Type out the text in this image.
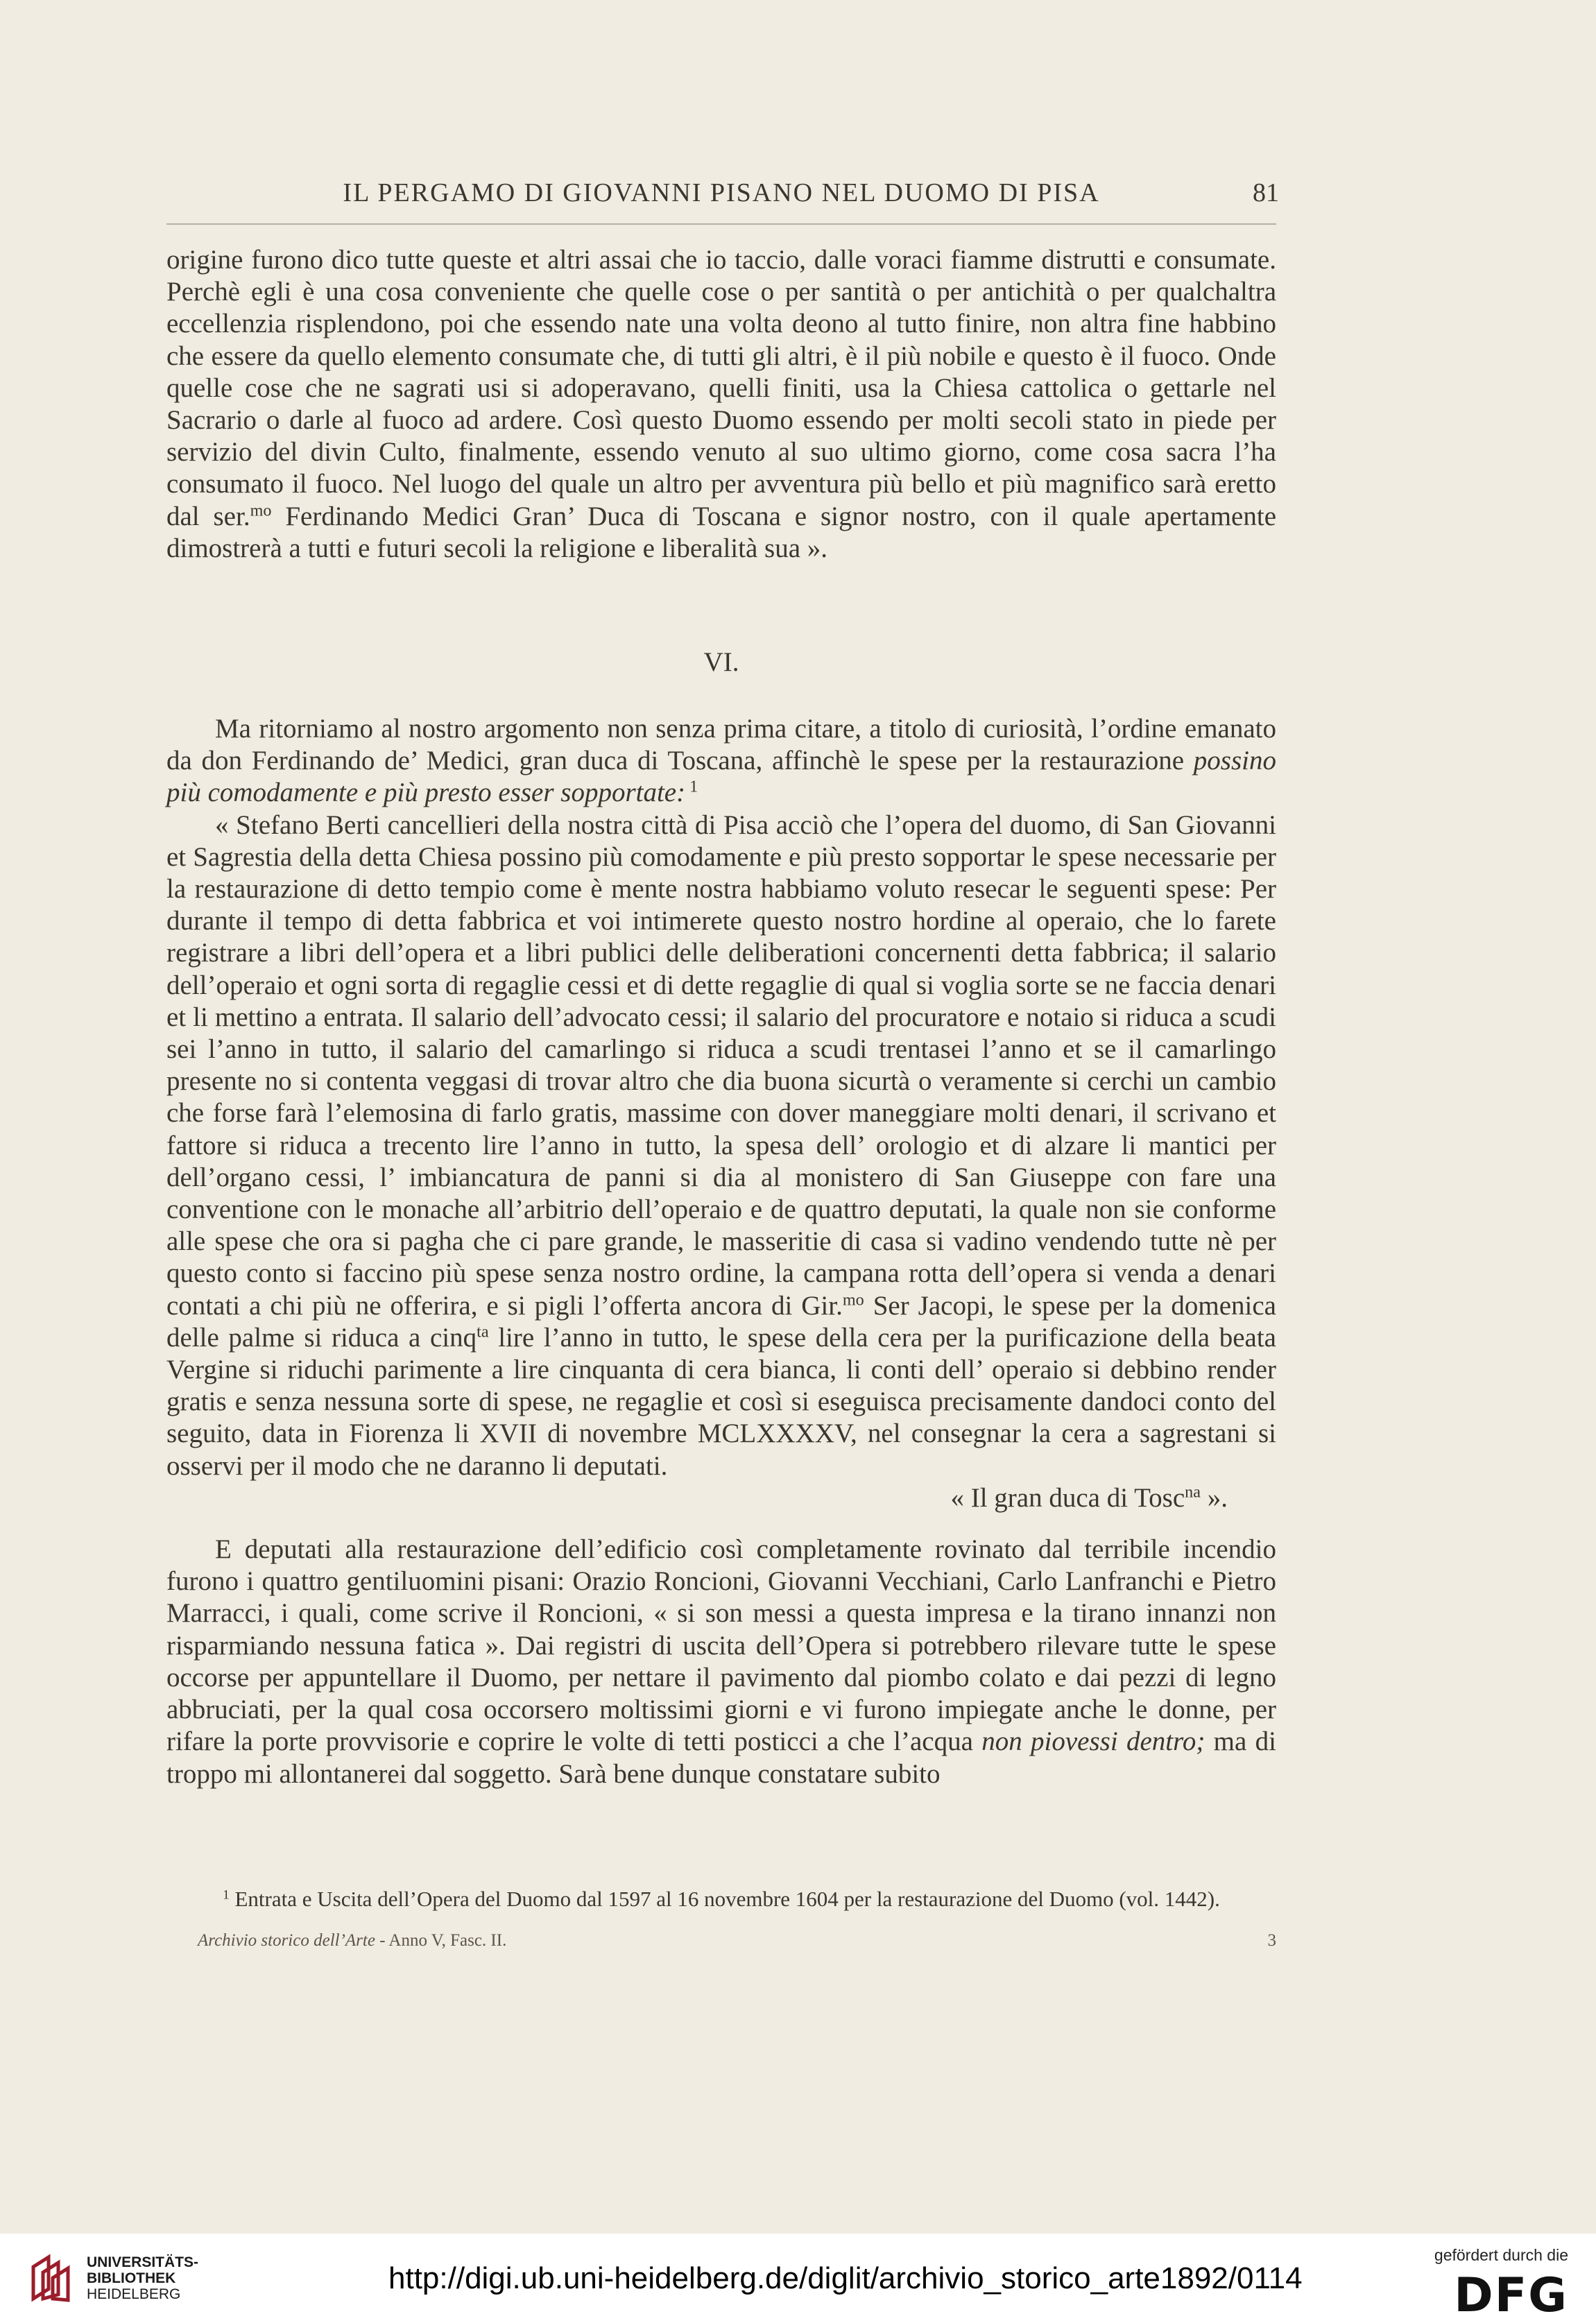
IL PERGAMO DI GIOVANNI PISANO NEL DUOMO DI PISA	81

origine furono dico tutte queste et altri assai che io taccio, dalle voraci fiamme distrutti e consumate. Perchè egli è una cosa conveniente che quelle cose o per santità o per antichità o per qualchaltra eccellenzia risplendono, poi che essendo nate una volta deono al tutto finire, non altra fine habbino che essere da quello elemento consumate che, di tutti gli altri, è il più nobile e questo è il fuoco. Onde quelle cose che ne sagrati usi si adoperavano, quelli finiti, usa la Chiesa cattolica o gettarle nel Sacrario o darle al fuoco ad ardere. Così questo Duomo essendo per molti secoli stato in piede per servizio del divin Culto, finalmente, essendo venuto al suo ultimo giorno, come cosa sacra l’ha consumato il fuoco. Nel luogo del quale un altro per avventura più bello et più magnifico sarà eretto dal ser.$^{mo}$ Ferdinando Medici Gran’ Duca di Toscana e signor nostro, con il quale apertamente dimostrerà a tutti e futuri secoli la religione e liberalità sua ».

VI.

Ma ritorniamo al nostro argomento non senza prima citare, a titolo di curiosità, l’ordine emanato da don Ferdinando de’ Medici, gran duca di Toscana, affinchè le spese per la restaurazione possino più comodamente e più presto esser sopportate: $^1$

« Stefano Berti cancellieri della nostra città di Pisa acciò che l’opera del duomo, di San Giovanni et Sagrestia della detta Chiesa possino più comodamente e più presto sopportar le spese necessarie per la restaurazione di detto tempio come è mente nostra habbiamo voluto resecar le seguenti spese: Per durante il tempo di detta fabbrica et voi intimerete questo nostro hordine al operaio, che lo farete registrare a libri dell’opera et a libri publici delle deliberationi concernenti detta fabbrica; il salario dell’operaio et ogni sorta di regaglie cessi et di dette regaglie di qual si voglia sorte se ne faccia denari et li mettino a entrata. Il salario dell’advocato cessi; il salario del procuratore e notaio si riduca a scudi sei l’anno in tutto, il salario del camarlingo si riduca a scudi trentasei l’anno et se il camarlingo presente no si contenta veggasi di trovar altro che dia buona sicurtà o veramente si cerchi un cambio che forse farà l’elemosina di farlo gratis, massime con dover maneggiare molti denari, il scrivano et fattore si riduca a trecento lire l’anno in tutto, la spesa dell’ orologio et di alzare li mantici per dell’organo cessi, l’ imbiancatura de panni si dia al monistero di San Giuseppe con fare una conventione con le monache all’arbitrio dell’operaio e de quattro deputati, la quale non sie conforme alle spese che ora si pagha che ci pare grande, le masseritie di casa si vadino vendendo tutte nè per questo conto si faccino più spese senza nostro ordine, la campana rotta dell’opera si venda a denari contati a chi più ne offerira, e si pigli l’offerta ancora di Gir.$^{mo}$ Ser Jacopi, le spese per la domenica delle palme si riduca a cinq$^{ta}$ lire l’anno in tutto, le spese della cera per la purificazione della beata Vergine si riduchi parimente a lire cinquanta di cera bianca, li conti dell’ operaio si debbino render gratis e senza nessuna sorte di spese, ne regaglie et così si eseguisca precisamente dandoci conto del seguito, data in Fiorenza li XVII di novembre MCLXXXXV, nel consegnar la cera a sagrestani si osservi per il modo che ne daranno li deputati.

« Il gran duca di Tosc$^{na}$ ».

E deputati alla restaurazione dell’edificio così completamente rovinato dal terribile incendio furono i quattro gentiluomini pisani: Orazio Roncioni, Giovanni Vecchiani, Carlo Lanfranchi e Pietro Marracci, i quali, come scrive il Roncioni, « si son messi a questa impresa e la tirano innanzi non risparmiando nessuna fatica ». Dai registri di uscita dell’Opera si potrebbero rilevare tutte le spese occorse per appuntellare il Duomo, per nettare il pavimento dal piombo colato e dai pezzi di legno abbruciati, per la qual cosa occorsero moltissimi giorni e vi furono impiegate anche le donne, per rifare la porte provvisorie e coprire le volte di tetti posticci a che l’acqua non piovessi dentro; ma di troppo mi allontanerei dal soggetto. Sarà bene dunque constatare subito

$^1$ Entrata e Uscita dell’Opera del Duomo dal 1597 al 16 novembre 1604 per la restaurazione del Duomo (vol. 1442).
Archivio storico dell’Arte - Anno V, Fasc. II.	3
UNIVERSITÄTS-
BIBLIOTHEK
HEIDELBERG	http://digi.ub.uni-heidelberg.de/diglit/archivio_storico_arte1892/0114
gefördert durch die
DFG
